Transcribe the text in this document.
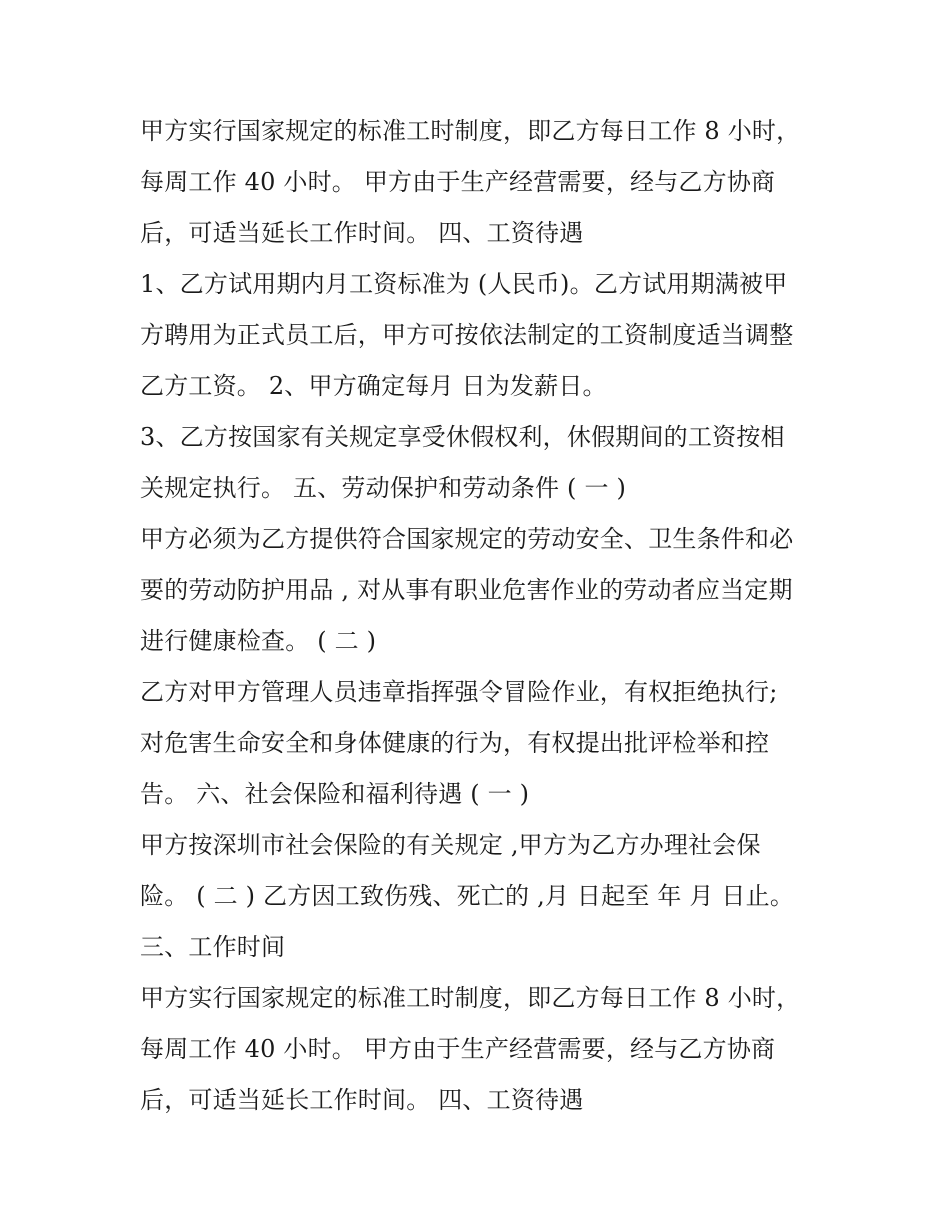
甲方实行国家规定的标准工时制度，即乙方每日工作 8 小时，
每周工作 40 小时。 甲方由于生产经营需要，经与乙方协商
后，可适当延长工作时间。 四、工资待遇
1、乙方试用期内月工资标准为 (人民币)。乙方试用期满被甲
方聘用为正式员工后，甲方可按依法制定的工资制度适当调整
乙方工资。 2、甲方确定每月 日为发薪日。
3、乙方按国家有关规定享受休假权利，休假期间的工资按相
关规定执行。 五、劳动保护和劳动条件 ( 一 )
甲方必须为乙方提供符合国家规定的劳动安全、卫生条件和必
要的劳动防护用品 , 对从事有职业危害作业的劳动者应当定期
进行健康检查。 ( 二 )
乙方对甲方管理人员违章指挥强令冒险作业，有权拒绝执行;
对危害生命安全和身体健康的行为，有权提出批评检举和控
告。 六、社会保险和福利待遇 ( 一 )
甲方按深圳市社会保险的有关规定 ,甲方为乙方办理社会保
险。 ( 二 ) 乙方因工致伤残、死亡的 ,月 日起至 年 月 日止。
三、工作时间
甲方实行国家规定的标准工时制度，即乙方每日工作 8 小时，
每周工作 40 小时。 甲方由于生产经营需要，经与乙方协商
后，可适当延长工作时间。 四、工资待遇
